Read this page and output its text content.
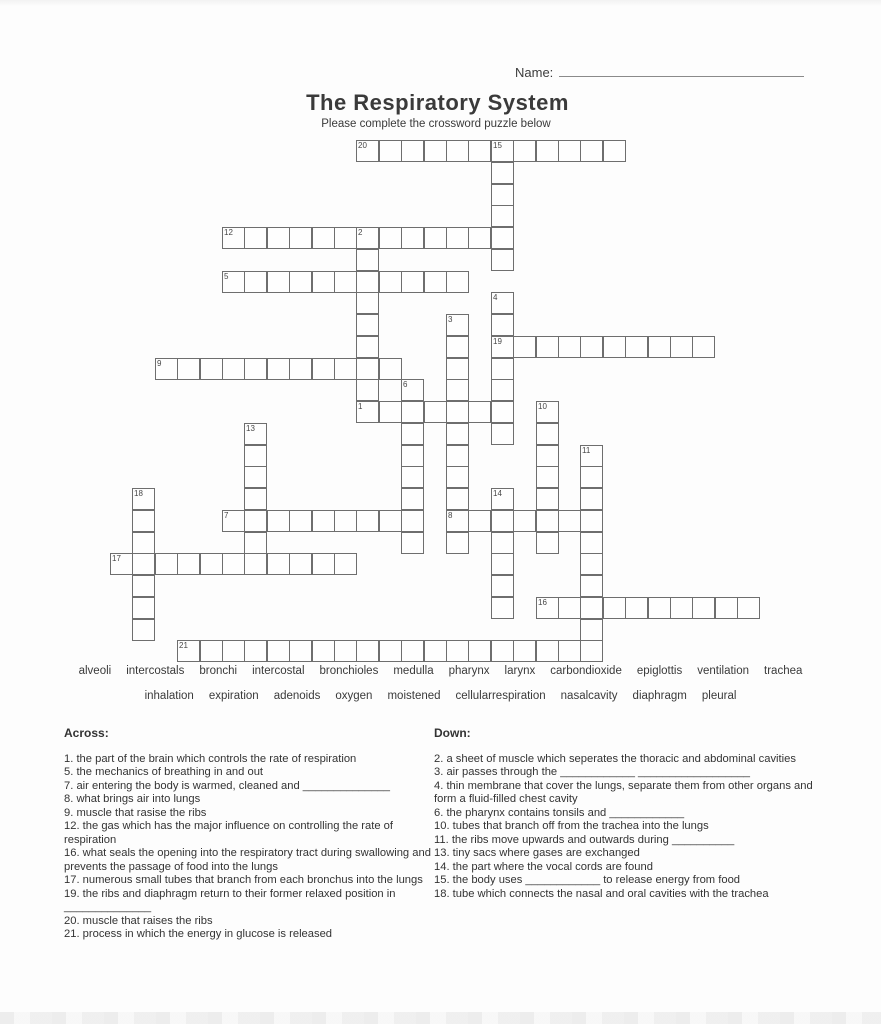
Name:
The Respiratory System
Please complete the crossword puzzle below
20	15
12	2
1
5
4
19
3
8
9
6
10
13
11
18	14
7
17
16
21
alveoli intercostals bronchi intercostal bronchioles medulla pharynx larynx carbondioxide epiglottis ventilation trachea
inhalation expiration adenoids oxygen moistened cellularrespiration nasalcavity diaphragm pleural
Across:
1. the part of the brain which controls the rate of respiration
5. the mechanics of breathing in and out
7. air entering the body is warmed, cleaned and ______________
8. what brings air into lungs
9. muscle that rasise the ribs
12. the gas which has the major influence on controlling the rate of respiration
16. what seals the opening into the respiratory tract during swallowing and prevents the passage of food into the lungs
17. numerous small tubes that branch from each bronchus into the lungs
19. the ribs and diaphragm return to their former relaxed position in ______________
20. muscle that raises the ribs
21. process in which the energy in glucose is released
Down:
2. a sheet of muscle which seperates the thoracic and abdominal cavities
3. air passes through the ____________ __________________
4. thin membrane that cover the lungs, separate them from other organs and form a fluid-filled chest cavity
6. the pharynx contains tonsils and ____________
10. tubes that branch off from the trachea into the lungs
11. the ribs move upwards and outwards during __________
13. tiny sacs where gases are exchanged
14. the part where the vocal cords are found
15. the body uses ____________ to release energy from food
18. tube which connects the nasal and oral cavities with the trachea
